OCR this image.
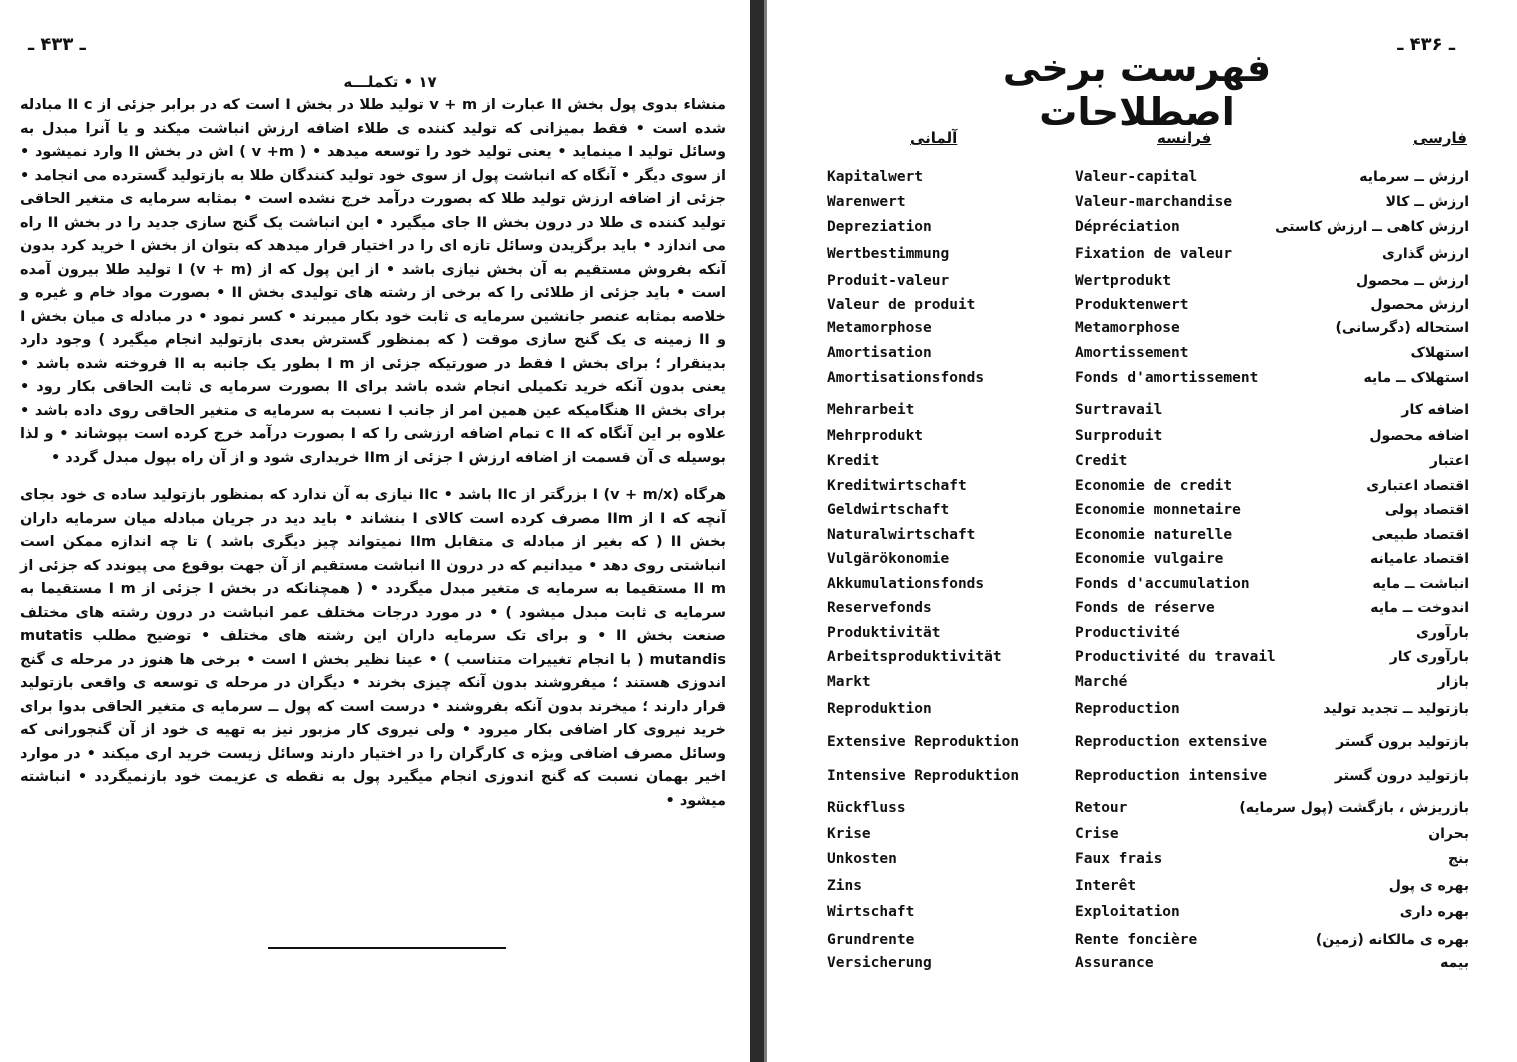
ـ ۴۳۳ ـ
۱۷ • تکملـــه

منشاء بدوی پول بخش II عبارت از v + m تولید طلا در بخش I است که در برابر جزئی از II c مبادله شده است • فقط بمیزانی که تولید کننده ی طلاء اضافه ارزش انباشت میکند و یا آنرا مبدل به وسائل تولید I مینماید • یعنی تولید خود را توسعه میدهد • ( v +m ) اش در بخش II وارد نمیشود • از سوی دیگر • آنگاه که انباشت پول از سوی خود تولید کنندگان طلا به بازتولید گسترده می انجامد • جزئی از اضافه ارزش تولید طلا که بصورت درآمد خرج نشده است • بمثابه سرمایه ی متغیر الحاقی تولید کننده ی طلا در درون بخش II جای میگیرد • این انباشت یک گنج سازی جدید را در بخش II راه می اندازد • باید برگزیدن وسائل تازه ای را در اختیار قرار میدهد که بتوان از بخش I خرید کرد بدون آنکه بفروش مستقیم به آن بخش نیازی باشد • از این پول که از I (v + m) تولید طلا بیرون آمده است • باید جزئی از طلائی را که برخی از رشته های تولیدی بخش II • بصورت مواد خام و غیره و خلاصه بمثابه عنصر جانشین سرمایه ی ثابت خود بکار میبرند • کسر نمود • در مبادله ی میان بخش I و II زمینه ی یک گنج سازی موقت ( که بمنظور گسترش بعدی بازتولید انجام میگیرد ) وجود دارد بدینقرار ؛ برای بخش I فقط در صورتیکه جزئی از I m بطور یک جانبه به II فروخته شده باشد • یعنی بدون آنکه خرید تکمیلی انجام شده باشد برای II بصورت سرمایه ی ثابت الحاقی بکار رود • برای بخش II هنگامیکه عین همین امر از جانب I نسبت به سرمایه ی متغیر الحاقی روی داده باشد • علاوه بر این آنگاه که c II تمام اضافه ارزشی را که I بصورت درآمد خرج کرده است بپوشاند • و لذا بوسیله ی آن قسمت از اضافه ارزش I جزئی از IIm خریداری شود و از آن راه بپول مبدل گردد •

هرگاه I (v + m/x) بزرگتر از IIc باشد • IIc نیازی به آن ندارد که بمنظور بازتولید ساده ی خود بجای آنچه که I از IIm مصرف کرده است کالای I بنشاند • باید دید در جریان مبادله میان سرمایه داران بخش II ( که بغیر از مبادله ی متقابل IIm نمیتواند چیز دیگری باشد ) تا چه اندازه ممکن است انباشتی روی دهد • میدانیم که در درون II انباشت مستقیم از آن جهت بوقوع می پیوندد که جزئی از II m مستقیما به سرمایه ی متغیر مبدل میگردد • ( همچنانکه در بخش I جزئی از I m مستقیما به سرمایه ی ثابت مبدل میشود ) • در مورد درجات مختلف عمر انباشت در درون رشته های مختلف صنعت بخش II • و برای تک سرمایه داران این رشته های مختلف • توضیح مطلب mutatis mutandis ( با انجام تغییرات متناسب ) • عینا نظیر بخش I است • برخی ها هنوز در مرحله ی گنج اندوزی هستند ؛ میفروشند بدون آنکه چیزی بخرند • دیگران در مرحله ی توسعه ی واقعی بازتولید قرار دارند ؛ میخرند بدون آنکه بفروشند • درست است که پول ــ سرمایه ی متغیر الحاقی بدوا برای خرید نیروی کار اضافی بکار میرود • ولی نیروی کار مزبور نیز به تهیه ی خود از آن گنجورانی که وسائل مصرف اضافی ویژه ی کارگران را در اختیار دارند وسائل زیست خرید اری میکند • در موارد اخیر بهمان نسبت که گنج اندوزی انجام میگیرد پول به نقطه ی عزیمت خود بازنمیگردد • انباشته میشود •

ـ ۴۳۶ ـ
فهرست برخی اصطلاحات
آلمانی	فرانسه	فارسی
Kapitalwert	Valeur-capital	ارزش ــ سرمایه
Warenwert	Valeur-marchandise	ارزش ــ کالا
Depreziation	Dépréciation	ارزش کاهی ــ ارزش کاستی
Wertbestimmung	Fixation de valeur	ارزش گذاری
Produit-valeur	Wertprodukt	ارزش ــ محصول
Valeur de produit	Produktenwert	ارزش محصول
Metamorphose	Metamorphose	استحاله (دگرسانی)
Amortisation	Amortissement	استهلاک
Amortisationsfonds	Fonds d'amortissement	استهلاک ــ مایه
Mehrarbeit	Surtravail	اضافه کار
Mehrprodukt	Surproduit	اضافه محصول
Kredit	Credit	اعتبار
Kreditwirtschaft	Economie de credit	اقتصاد اعتباری
Geldwirtschaft	Economie monnetaire	اقتصاد پولی
Naturalwirtschaft	Economie naturelle	اقتصاد طبیعی
Vulgärökonomie	Economie vulgaire	اقتصاد عامیانه
Akkumulationsfonds	Fonds d'accumulation	انباشت ــ مایه
Reservefonds	Fonds de réserve	اندوخت ــ مایه
Produktivität	Productivité	بارآوری
Arbeitsproduktivität	Productivité du travail	بارآوری کار
Markt	Marché	بازار
Reproduktion	Reproduction	بازتولید ــ تجدید تولید
Extensive Reproduktion	Reproduction extensive	بازتولید برون گستر
Intensive Reproduktion	Reproduction intensive	بازتولید درون گستر
Rückfluss	Retour	بازریزش ، بازگشت (پول سرمایه)
Krise	Crise	بحران
Unkosten	Faux frais	بنج
Zins	Interêt	بهره ی پول
Wirtschaft	Exploitation	بهره داری
Grundrente	Rente foncière	بهره ی مالکانه (زمین)
Versicherung	Assurance	بیمه
